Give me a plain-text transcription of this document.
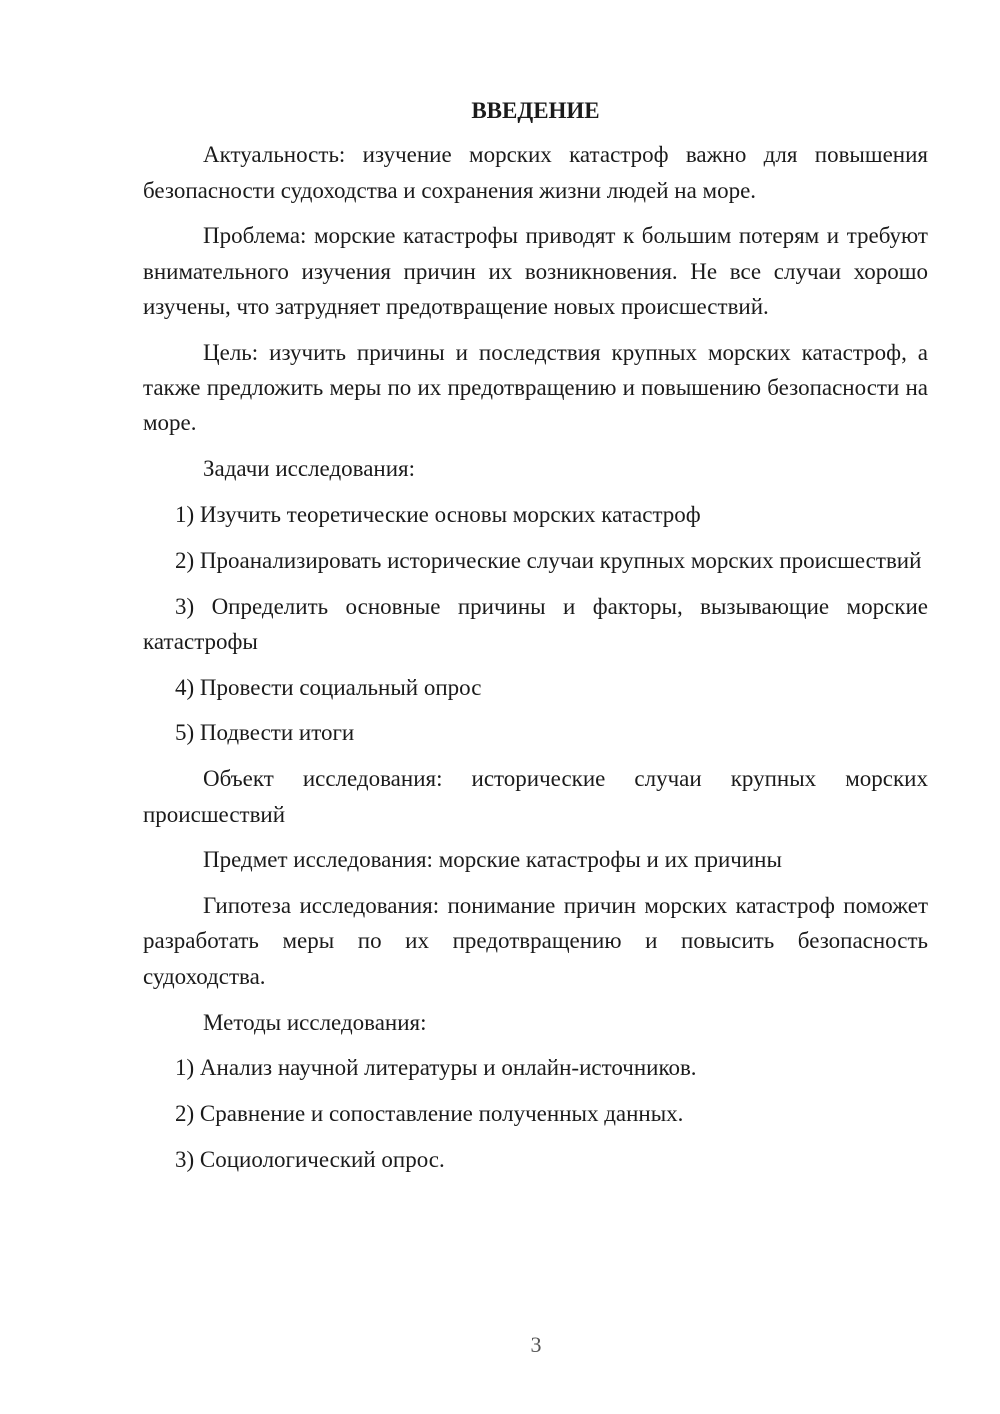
ВВЕДЕНИЕ

Актуальность: изучение морских катастроф важно для повышения безопасности судоходства и сохранения жизни людей на море.

Проблема: морские катастрофы приводят к большим потерям и требуют внимательного изучения причин их возникновения. Не все случаи хорошо изучены, что затрудняет предотвращение новых происшествий.

Цель: изучить причины и последствия крупных морских катастроф, а также предложить меры по их предотвращению и повышению безопасности на море.

Задачи исследования:

1) Изучить теоретические основы морских катастроф

2) Проанализировать исторические случаи крупных морских происшествий

3) Определить основные причины и факторы, вызывающие морские катастрофы

4) Провести социальный опрос

5) Подвести итоги

Объект исследования: исторические случаи крупных морских происшествий

Предмет исследования: морские катастрофы и их причины

Гипотеза исследования: понимание причин морских катастроф поможет разработать меры по их предотвращению и повысить безопасность судоходства.

Методы исследования:

1) Анализ научной литературы и онлайн-источников.

2) Сравнение и сопоставление полученных данных.

3) Социологический опрос.

3
